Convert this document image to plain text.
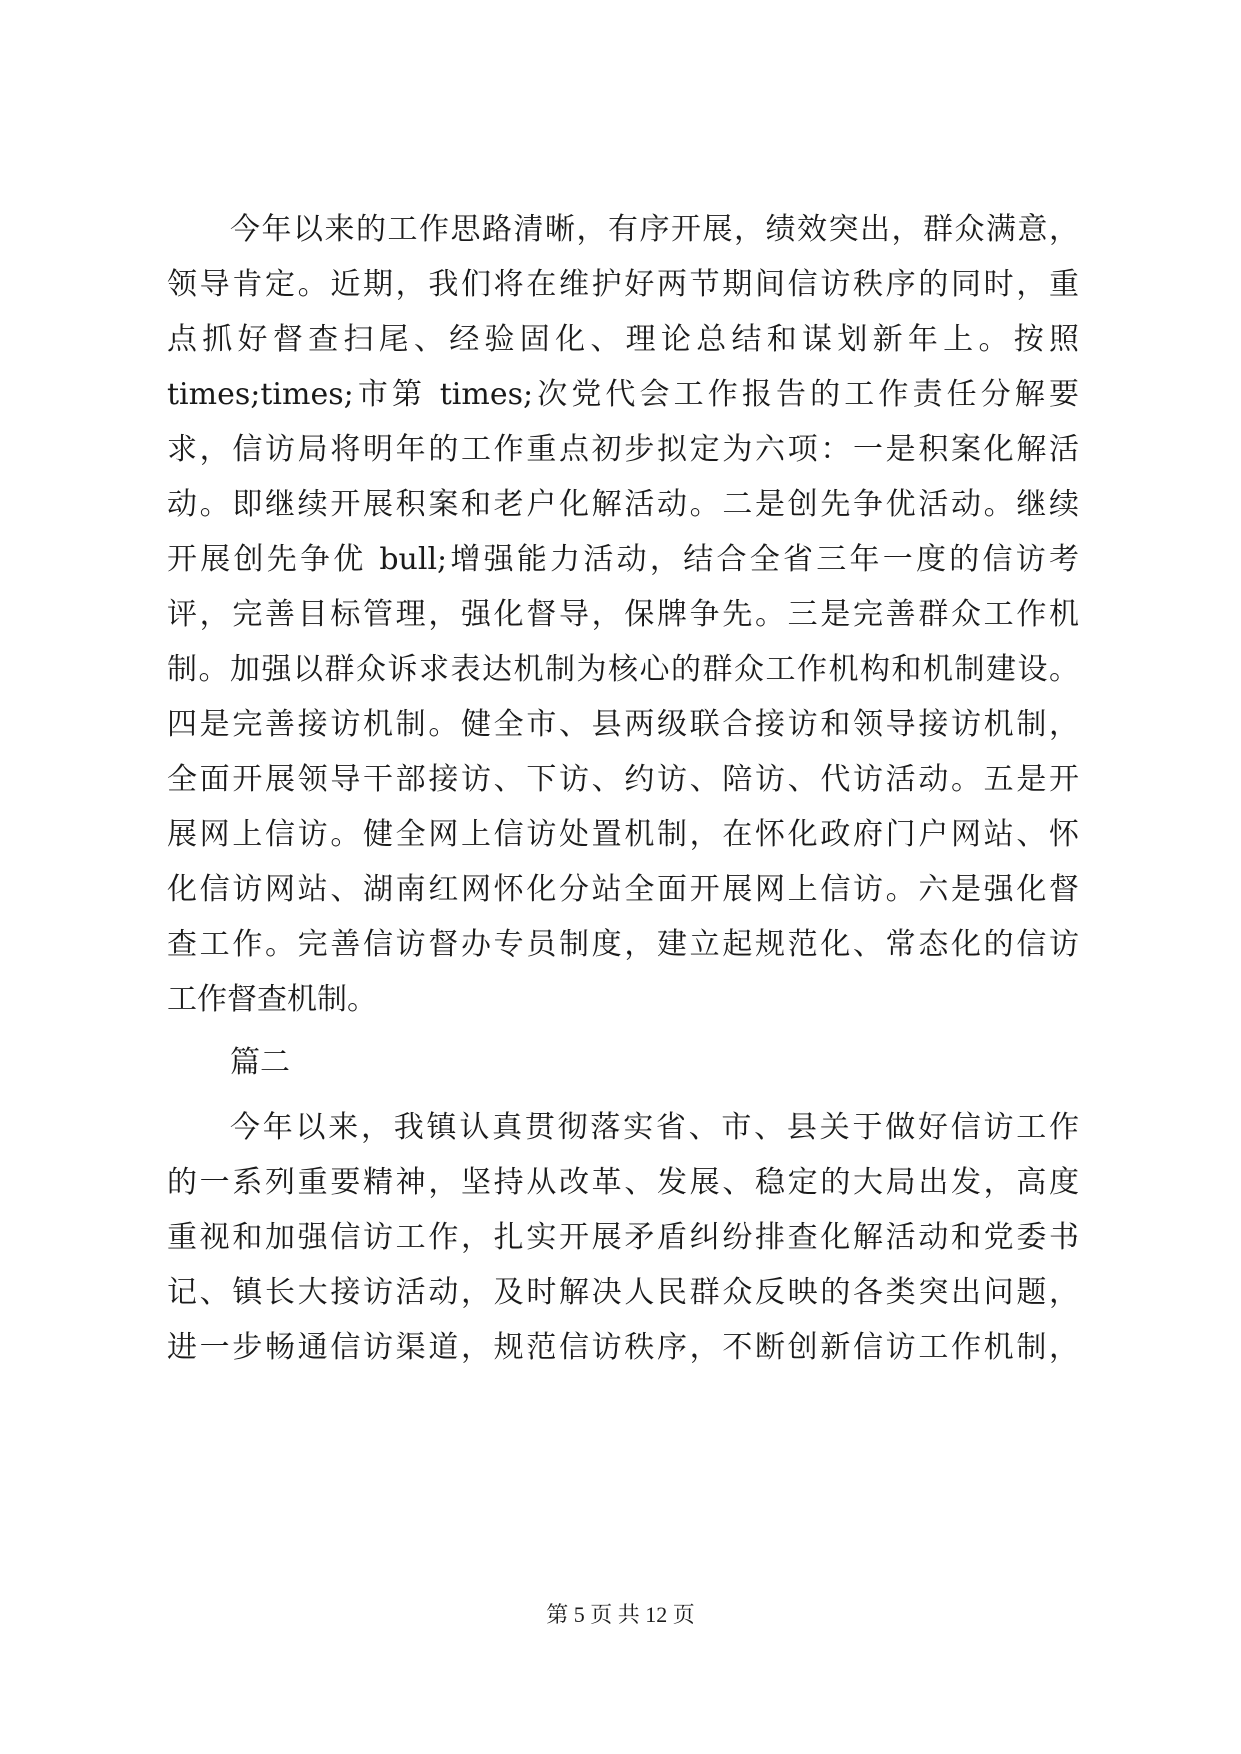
今年以来的工作思路清晰，有序开展，绩效突出，群众满意，

领导肯定。近期，我们将在维护好两节期间信访秩序的同时，重

点抓好督查扫尾、经验固化、理论总结和谋划新年上。按照

times;times;市第 times;次党代会工作报告的工作责任分解要

求，信访局将明年的工作重点初步拟定为六项：一是积案化解活

动。即继续开展积案和老户化解活动。二是创先争优活动。继续

开展创先争优 bull;增强能力活动，结合全省三年一度的信访考

评，完善目标管理，强化督导，保牌争先。三是完善群众工作机

制。加强以群众诉求表达机制为核心的群众工作机构和机制建设。

四是完善接访机制。健全市、县两级联合接访和领导接访机制，

全面开展领导干部接访、下访、约访、陪访、代访活动。五是开

展网上信访。健全网上信访处置机制，在怀化政府门户网站、怀

化信访网站、湖南红网怀化分站全面开展网上信访。六是强化督

查工作。完善信访督办专员制度，建立起规范化、常态化的信访

工作督查机制。

篇二

今年以来，我镇认真贯彻落实省、市、县关于做好信访工作

的一系列重要精神，坚持从改革、发展、稳定的大局出发，高度

重视和加强信访工作，扎实开展矛盾纠纷排查化解活动和党委书

记、镇长大接访活动，及时解决人民群众反映的各类突出问题，

进一步畅通信访渠道，规范信访秩序，不断创新信访工作机制，

第 5 页 共 12 页
